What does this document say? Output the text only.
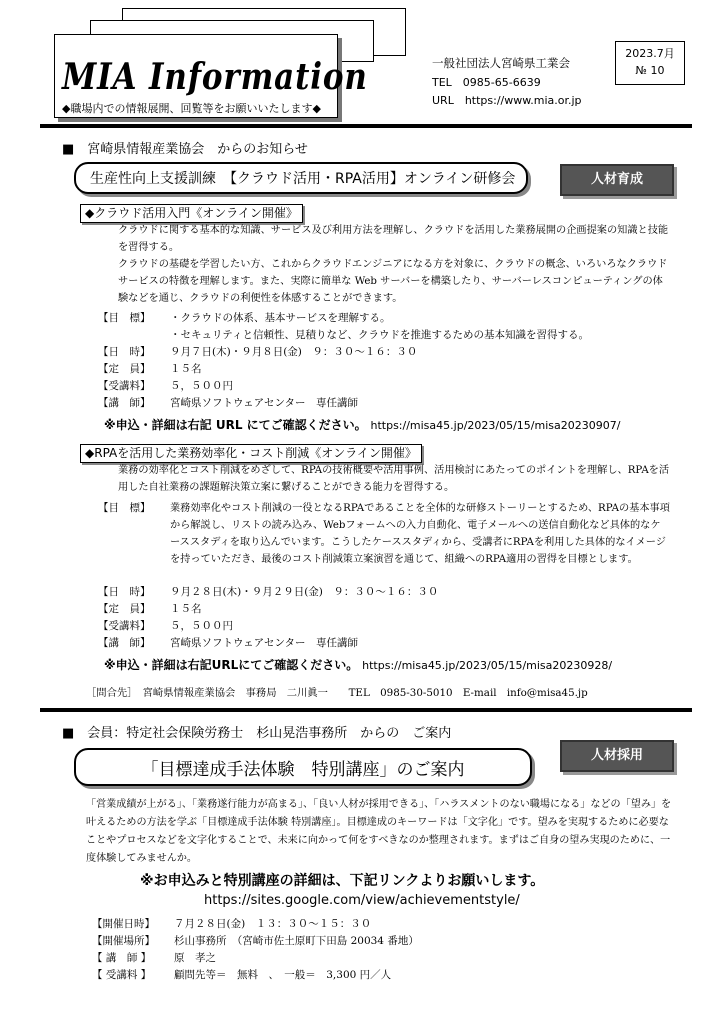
MIA Information
◆職場内での情報展開、回覧等をお願いいたします◆
一般社団法人宮崎県工業会
TEL　0985-65-6639
URL　https://www.mia.or.jp
2023.7月
№ 10
■　宮崎県情報産業協会　からのお知らせ
生産性向上支援訓練　【クラウド活用・RPA活用】オンライン研修会	人材育成
◆クラウド活用入門《オンライン開催》
クラウドに関する基本的な知識、サービス及び利用方法を理解し、クラウドを活用した業務展開の企画提案の知識と技能を習得する。
クラウドの基礎を学習したい方、これからクラウドエンジニアになる方を対象に、クラウドの概念、いろいろなクラウドサービスの特徴を理解します。また、実際に簡単な Web サーバーを構築したり、サーバーレスコンピューティングの体験などを通じ、クラウドの利便性を体感することができます。
【目　標】	・クラウドの体系、基本サービスを理解する。
・セキュリティと信頼性、見積りなど、クラウドを推進するための基本知識を習得する。
【日　時】	９月７日(木)・９月８日(金)　９：３０～１６：３０
【定　員】	１５名
【受講料】	５，５００円
【講　師】	宮崎県ソフトウェアセンター　専任講師
※申込・詳細は右記 URL にてご確認ください。 https://misa45.jp/2023/05/15/misa20230907/
◆RPAを活用した業務効率化・コスト削減《オンライン開催》
業務の効率化とコスト削減をめざして、RPAの技術概要や活用事例、活用検討にあたってのポイントを理解し、RPAを活用した自社業務の課題解決策立案に繋げることができる能力を習得する。
【目　標】	業務効率化やコスト削減の一役となるRPAであることを全体的な研修ストーリーとするため、RPAの基本事項から解説し、リストの読み込み、Webフォームへの入力自動化、電子メールへの送信自動化など具体的なケーススタディを取り込んでいます。こうしたケーススタディから、受講者にRPAを利用した具体的なイメージを持っていただき、最後のコスト削減策立案演習を通じて、組織へのRPA適用の習得を目標とします。
【日　時】	９月２８日(木)・９月２９日(金)　９：３０～１６：３０
【定　員】	１５名
【受講料】	５，５００円
【講　師】	宮崎県ソフトウェアセンター　専任講師
※申込・詳細は右記URLにてご確認ください。 https://misa45.jp/2023/05/15/misa20230928/
［問合先］　宮崎県情報産業協会　事務局　二川眞一　　TEL　0985-30-5010　E-mail　info@misa45.jp
■　会員：特定社会保険労務士　杉山晃浩事務所　からの　ご案内
「目標達成手法体験　特別講座」のご案内
人材採用
「営業成績が上がる」、「業務遂行能力が高まる」、「良い人材が採用できる」、「ハラスメントのない職場になる」などの「望み」を叶えるための方法を学ぶ「目標達成手法体験 特別講座」。目標達成のキーワードは「文字化」です。望みを実現するために必要なことやプロセスなどを文字化することで、未来に向かって何をすべきなのか整理されます。まずはご自身の望み実現のために、一度体験してみませんか。
※お申込みと特別講座の詳細は、下記リンクよりお願いします。
https://sites.google.com/view/achievementstyle/
【開催日時】	７月２８日(金)　１３：３０～１５：３０
【開催場所】	杉山事務所　（宮崎市佐土原町下田島 20034 番地）
【 講　師 】	原　孝之
【 受講料 】	顧問先等＝　無料　、　一般＝　3,300 円／人
